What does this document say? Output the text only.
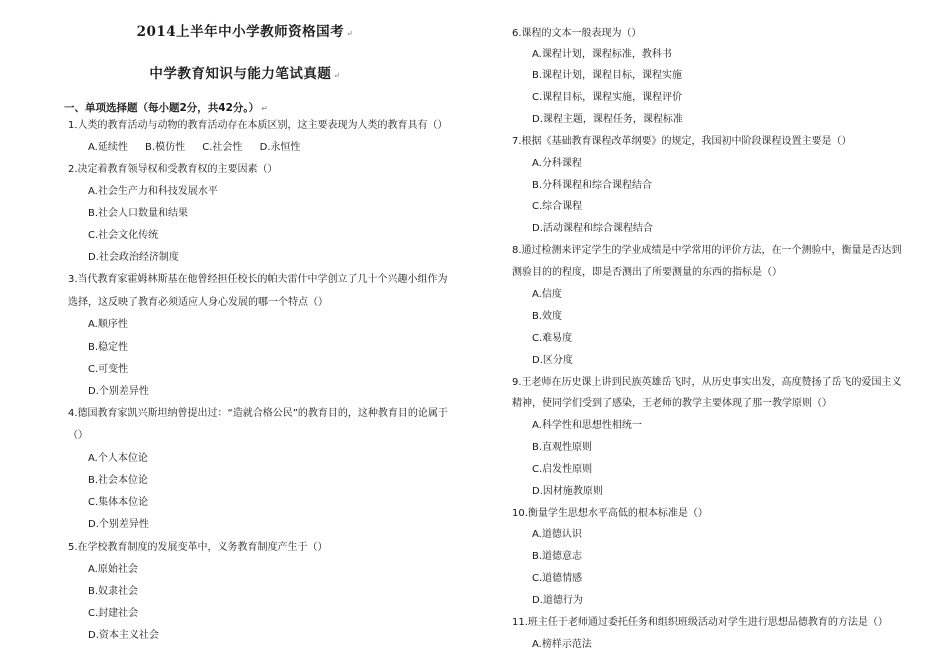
2014上半年中小学教师资格国考 ↵
中学教育知识与能力笔试真题 ↵
一、单项选择题（每小题2分，共42分。） ↵
1.人类的教育活动与动物的教育活动存在本质区别，这主要表现为人类的教育具有（）
A.延续性 B.模仿性 C.社会性 D.永恒性
2.决定着教育领导权和受教育权的主要因素（）
A.社会生产力和科技发展水平
B.社会人口数量和结果
C.社会文化传统
D.社会政治经济制度
3.当代教育家霍姆林斯基在他曾经担任校长的帕夫雷什中学创立了几十个兴趣小组作为
选择，这反映了教育必须适应人身心发展的哪一个特点（）
A.顺序性
B.稳定性
C.可变性
D.个别差异性
4.德国教育家凯兴斯坦纳曾提出过：“造就合格公民”的教育目的，这种教育目的论属于
（）
A.个人本位论
B.社会本位论
C.集体本位论
D.个别差异性
5.在学校教育制度的发展变革中，义务教育制度产生于（）
A.原始社会
B.奴隶社会
C.封建社会
D.资本主义社会
6.课程的文本一般表现为（）
A.课程计划，课程标准，教科书
B.课程计划，课程目标，课程实施
C.课程目标，课程实施，课程评价
D.课程主题，课程任务，课程标准
7.根据《基础教育课程改革纲要》的规定，我国初中阶段课程设置主要是（）
A.分科课程
B.分科课程和综合课程结合
C.综合课程
D.活动课程和综合课程结合
8.通过检测来评定学生的学业成绩是中学常用的评价方法，在一个测验中，衡量是否达到
测验目的的程度，即是否测出了所要测量的东西的指标是（）
A.信度
B.效度
C.难易度
D.区分度
9.王老师在历史课上讲到民族英雄岳飞时，从历史事实出发，高度赞扬了岳飞的爱国主义
精神，使同学们受到了感染，王老师的教学主要体现了那一教学原则（）
A.科学性和思想性相统一
B.直观性原则
C.启发性原则
D.因材施教原则
10.衡量学生思想水平高低的根本标准是（）
A.道德认识
B.道德意志
C.道德情感
D.道德行为
11.班主任于老师通过委托任务和组织班级活动对学生进行思想品德教育的方法是（）
A.榜样示范法
